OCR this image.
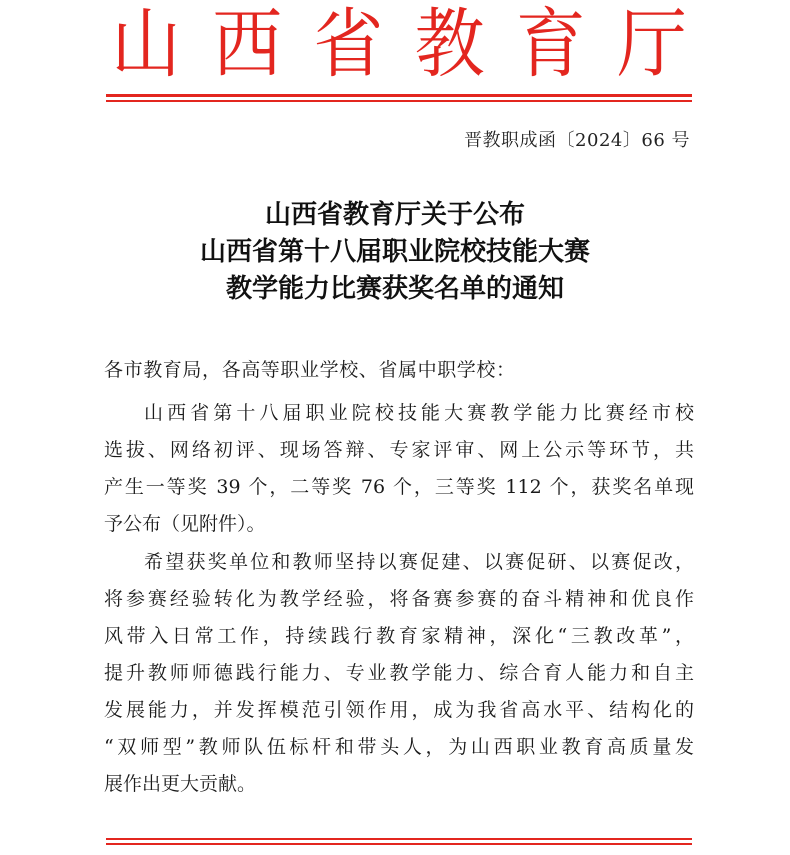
山 西 省 教 育 厅
晋教职成函〔2024〕66 号
山西省教育厅关于公布
山西省第十八届职业院校技能大赛
教学能力比赛获奖名单的通知
各市教育局，各高等职业学校、省属中职学校：
山西省第十八届职业院校技能大赛教学能力比赛经市校
选拔、网络初评、现场答辩、专家评审、网上公示等环节，共
产生一等奖 39 个，二等奖 76 个，三等奖 112 个，获奖名单现
予公布（见附件）。
希望获奖单位和教师坚持以赛促建、以赛促研、以赛促改，
将参赛经验转化为教学经验，将备赛参赛的奋斗精神和优良作
风带入日常工作，持续践行教育家精神，深化“三教改革”，
提升教师师德践行能力、专业教学能力、综合育人能力和自主
发展能力，并发挥模范引领作用，成为我省高水平、结构化的
“双师型”教师队伍标杆和带头人，为山西职业教育高质量发
展作出更大贡献。
